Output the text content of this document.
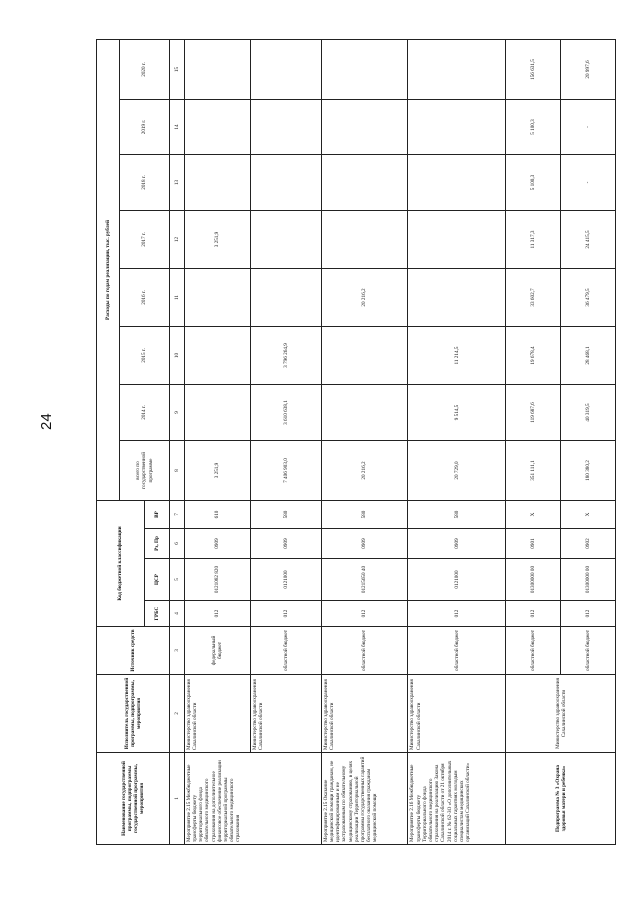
24
Наименование государственной программы, подпрограммы государственной программы, мероприятия	Исполнитель государственной программы, подпрограммы, мероприятия	Источник средств	Код бюджетной классификации				Расходы по годам реализации, тыс. рублей							
							всего по государственной программе	2014 г.	2015 г.	2016 г.	2017 г.	2018 г.	2019 г.	2020 г.
			ГРБС	ЦСР	Рз, Пр	ВР								
1	2	3	4	5	6	7	8	9	10	11	12	13	14	15
Мероприятие 2.15 Межбюджетные трансферты бюджету территориального фонда обязательного медицинского страхования на дополнительное финансовое обеспечение реализации территориальной программы обязательного медицинского страхования	Министерство здравоохранения Сахалинской области	федеральный бюджет	012	0121082 820	0909	610	3 251,9				3 251,9			
	Министерство здравоохранения Сахалинской области	областной бюджет	012	0121000	0909	580	7 406 903,0	3 610 638,1	3 796 264,9					
Мероприятие 2.15 Оказание медицинской помощи гражданам, не идентифицированным и не застрахованным по обязательному медицинскому страхованию, в целях реализации Территориальной программы государственных гарантий бесплатного оказания гражданам медицинской помощи	Министерство здравоохранения Сахалинской области	областной бюджет	012	01215650 40	0909	580	20 216,2			20 216,2				
Мероприятие 2.16 Межбюджетные трансферты бюджету Территориального фонда обязательного медицинского страхования на реализацию Закона Сахалинской области от 21 октября 2014 г. № 62-ЗО «О дополнительных социальных гарантиях молодым специалистам медицинских организаций Сахалинской области»	Министерство здравоохранения Сахалинской области	областной бюджет	012	0121000	0909	580	20 729,0	9 514,5	11 214,5					
Подпрограмма № 3 «Охрана здоровья матери и ребенка»	Министерство здравоохранения Сахалинской области	областной бюджет	012	01300000 00	0901	Х	351 111,1	119 687,6	19 678,4	33 602,7	11 317,3	5 100,3	5 100,3	156 631,5
		областной бюджет	012	01300000 00	0902	Х	180 380,2	40 319,5	28 468,1	36 479,5	24 415,5	-	-	20 997,6
